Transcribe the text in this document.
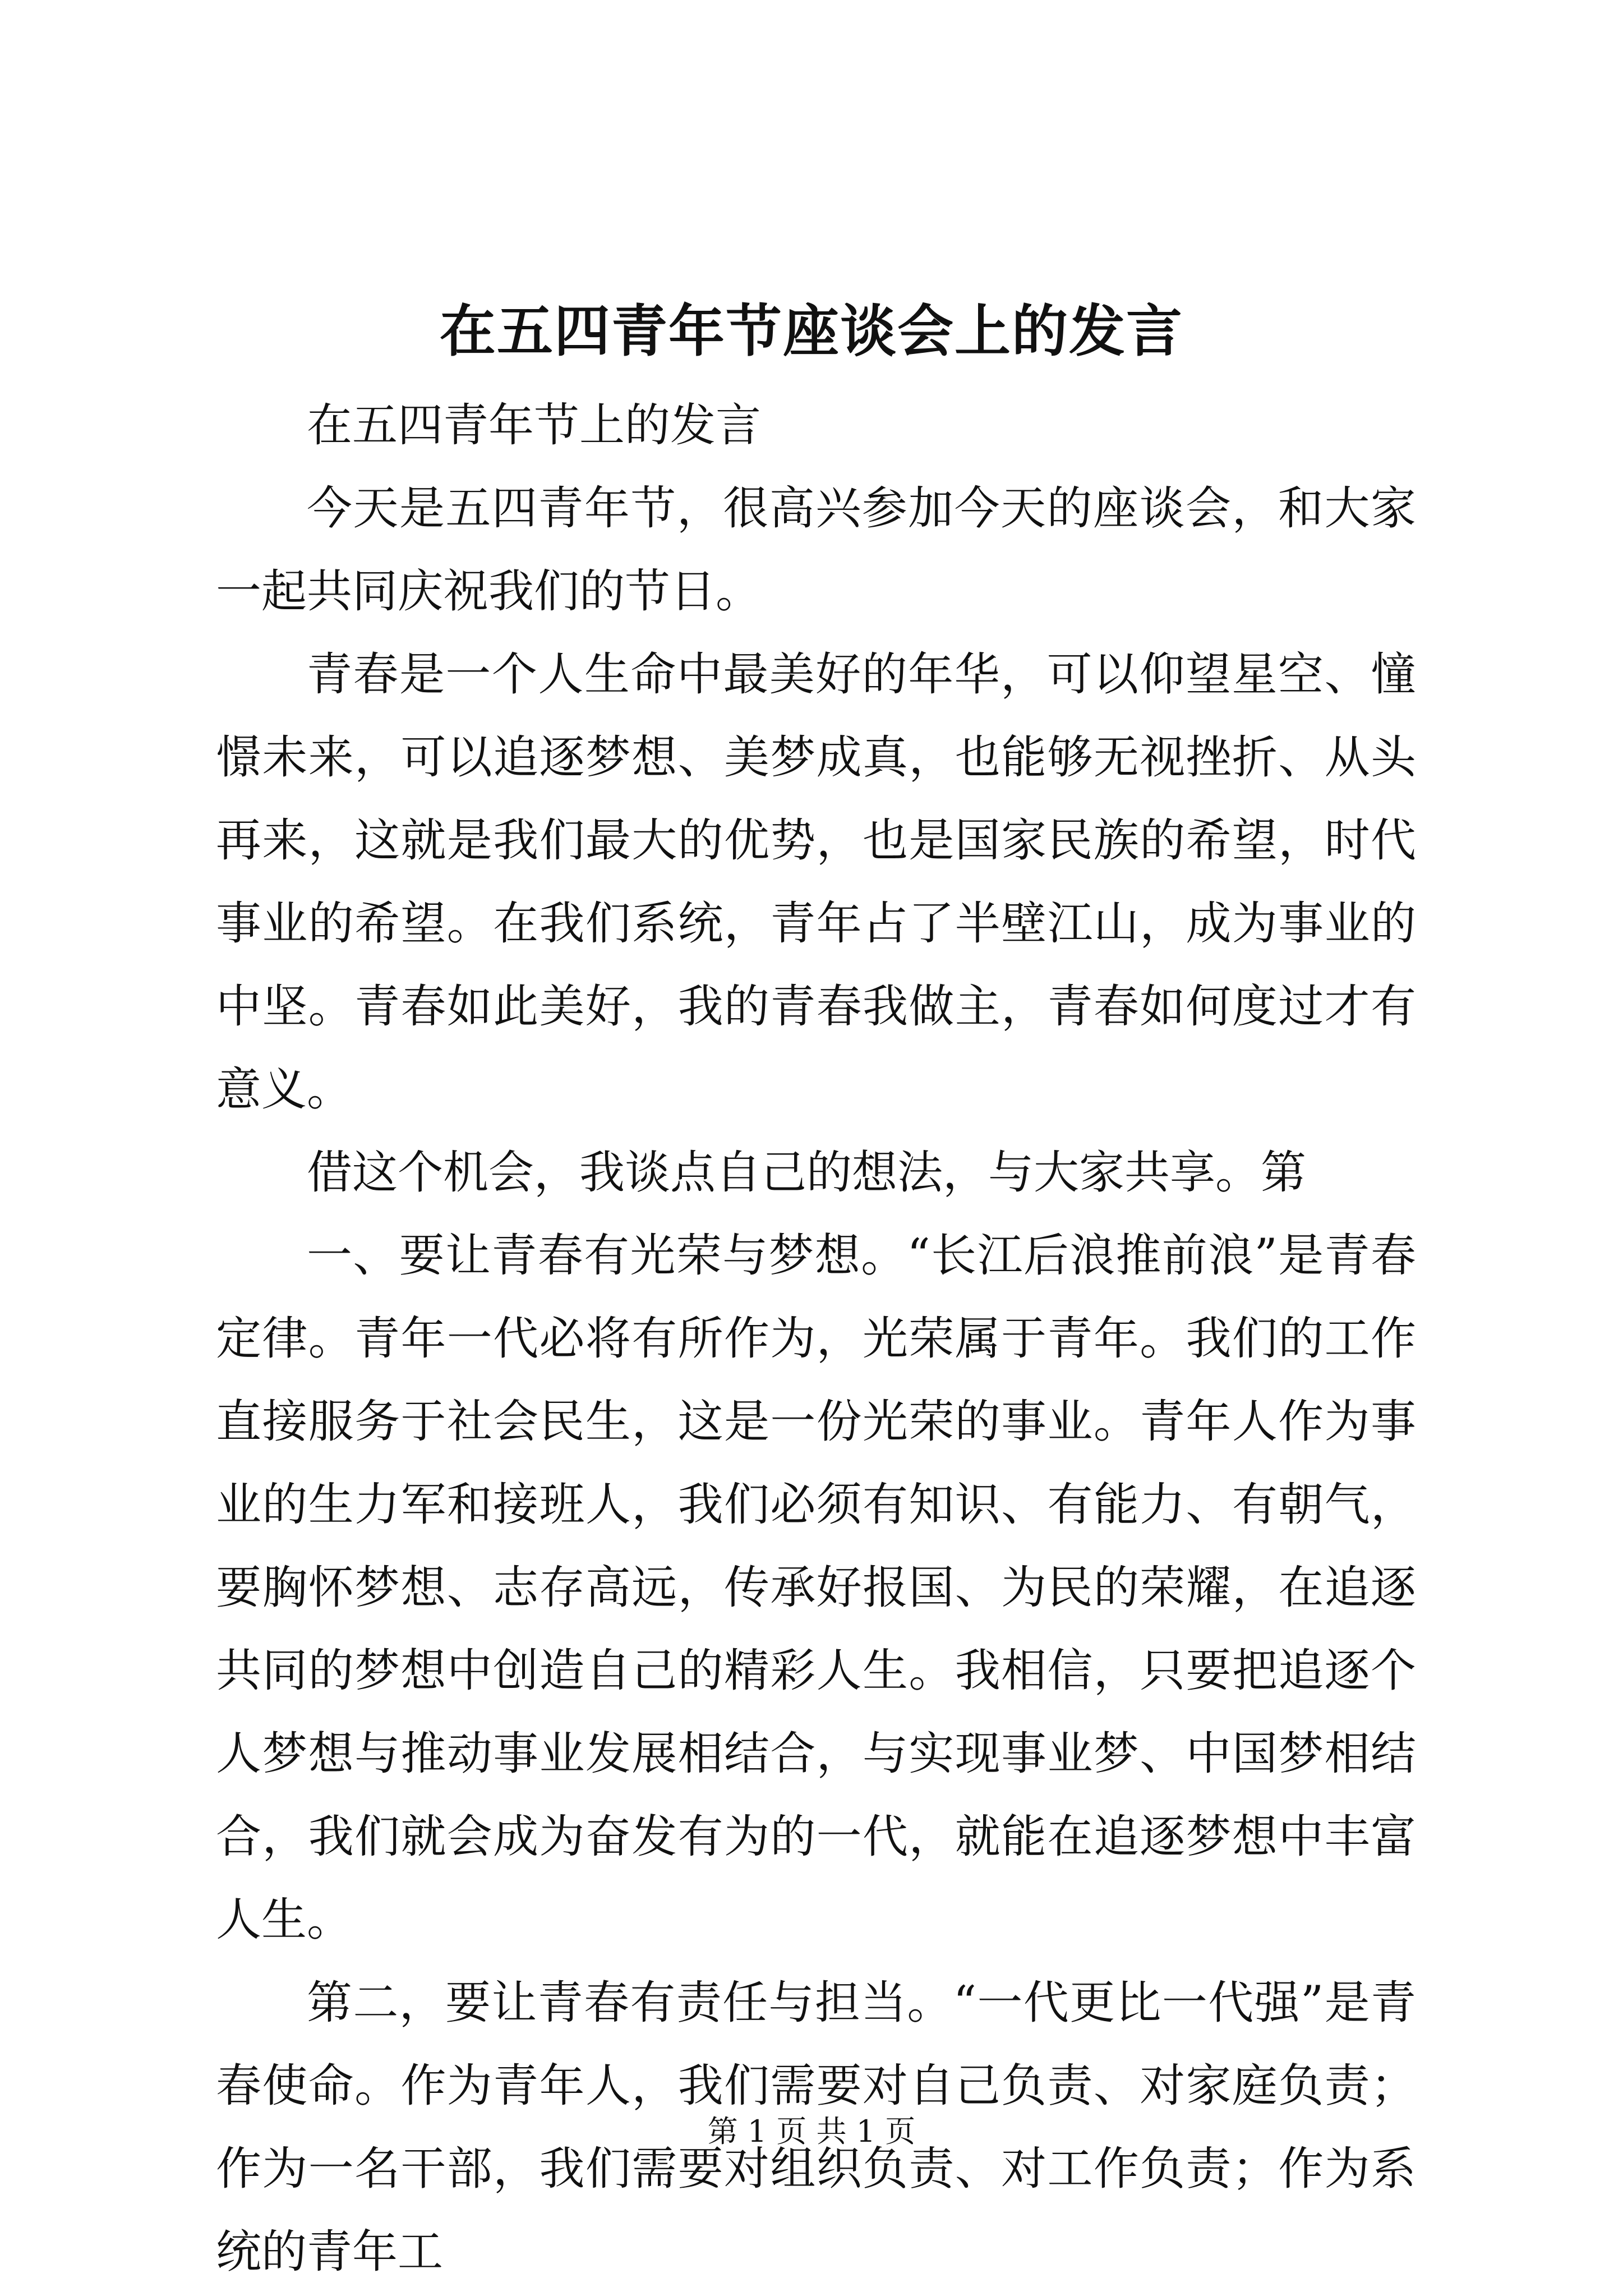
在五四青年节座谈会上的发言

在五四青年节上的发言

今天是五四青年节，很高兴参加今天的座谈会，和大家一起共同庆祝我们的节日。

青春是一个人生命中最美好的年华，可以仰望星空、憧憬未来，可以追逐梦想、美梦成真，也能够无视挫折、从头再来，这就是我们最大的优势，也是国家民族的希望，时代事业的希望。在我们系统，青年占了半壁江山，成为事业的中坚。青春如此美好，我的青春我做主，青春如何度过才有意义。

借这个机会，我谈点自己的想法，与大家共享。第

一、要让青春有光荣与梦想。“长江后浪推前浪”是青春定律。青年一代必将有所作为，光荣属于青年。我们的工作直接服务于社会民生，这是一份光荣的事业。青年人作为事业的生力军和接班人，我们必须有知识、有能力、有朝气，要胸怀梦想、志存高远，传承好报国、为民的荣耀，在追逐共同的梦想中创造自己的精彩人生。我相信，只要把追逐个人梦想与推动事业发展相结合，与实现事业梦、中国梦相结合，我们就会成为奋发有为的一代，就能在追逐梦想中丰富人生。

第二，要让青春有责任与担当。“一代更比一代强”是青春使命。作为青年人，我们需要对自己负责、对家庭负责；作为一名干部，我们需要对组织负责、对工作负责；作为系统的青年工

第 1 页 共 1 页
